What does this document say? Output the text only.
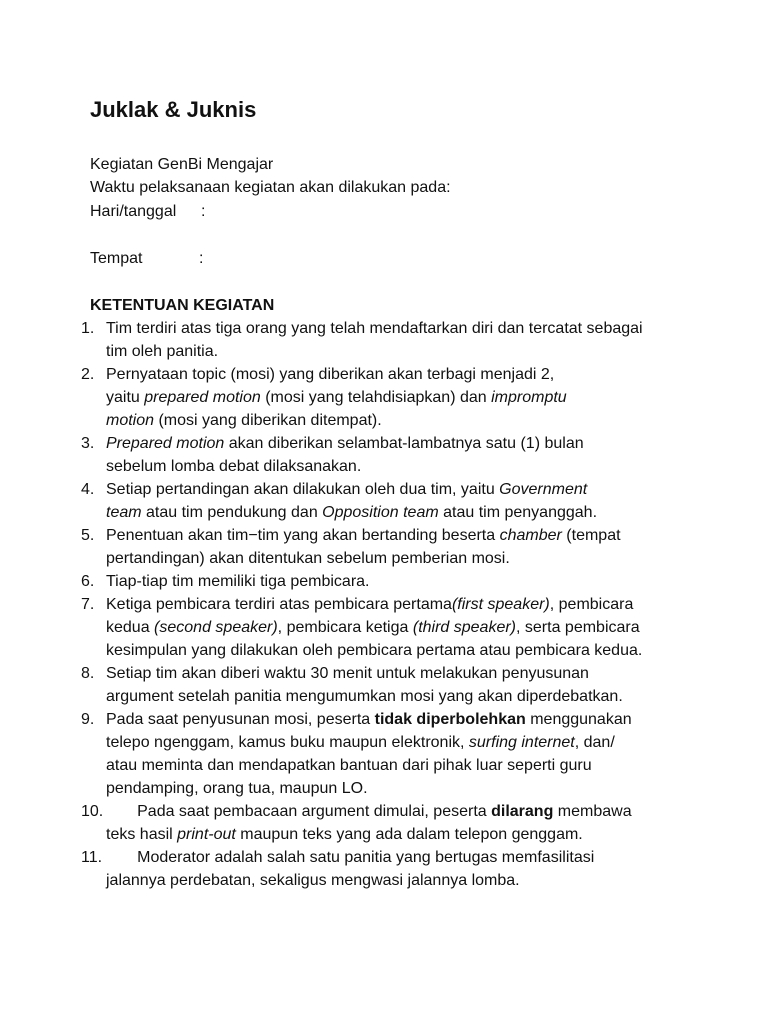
Juklak & Juknis
Kegiatan GenBi Mengajar
Waktu pelaksanaan kegiatan akan dilakukan pada:
Hari/tanggal :
Tempat	:
KETENTUAN KEGIATAN
1. Tim terdiri atas tiga orang yang telah mendaftarkan diri dan tercatat sebagai
tim oleh panitia.
2. Pernyataan topic (mosi) yang diberikan akan terbagi menjadi 2,
yaitu prepared motion (mosi yang telahdisiapkan) dan impromptu
motion (mosi yang diberikan ditempat).
3. Prepared motion akan diberikan selambat-lambatnya satu (1) bulan
sebelum lomba debat dilaksanakan.
4. Setiap pertandingan akan dilakukan oleh dua tim, yaitu Government
team atau tim pendukung dan Opposition team atau tim penyanggah.
5. Penentuan akan tim−tim yang akan bertanding beserta chamber (tempat
pertandingan) akan ditentukan sebelum pemberian mosi.
6. Tiap-tiap tim memiliki tiga pembicara.
7. Ketiga pembicara terdiri atas pembicara pertama(first speaker), pembicara
kedua (second speaker), pembicara ketiga (third speaker), serta pembicara
kesimpulan yang dilakukan oleh pembicara pertama atau pembicara kedua.
8. Setiap tim akan diberi waktu 30 menit untuk melakukan penyusunan
argument setelah panitia mengumumkan mosi yang akan diperdebatkan.
9. Pada saat penyusunan mosi, peserta tidak diperbolehkan menggunakan
telepo ngenggam, kamus buku maupun elektronik, surfing internet, dan/
atau meminta dan mendapatkan bantuan dari pihak luar seperti guru
pendamping, orang tua, maupun LO.
10. Pada saat pembacaan argument dimulai, peserta dilarang membawa
teks hasil print-out maupun teks yang ada dalam telepon genggam.
11. Moderator adalah salah satu panitia yang bertugas memfasilitasi
jalannya perdebatan, sekaligus mengwasi jalannya lomba.
